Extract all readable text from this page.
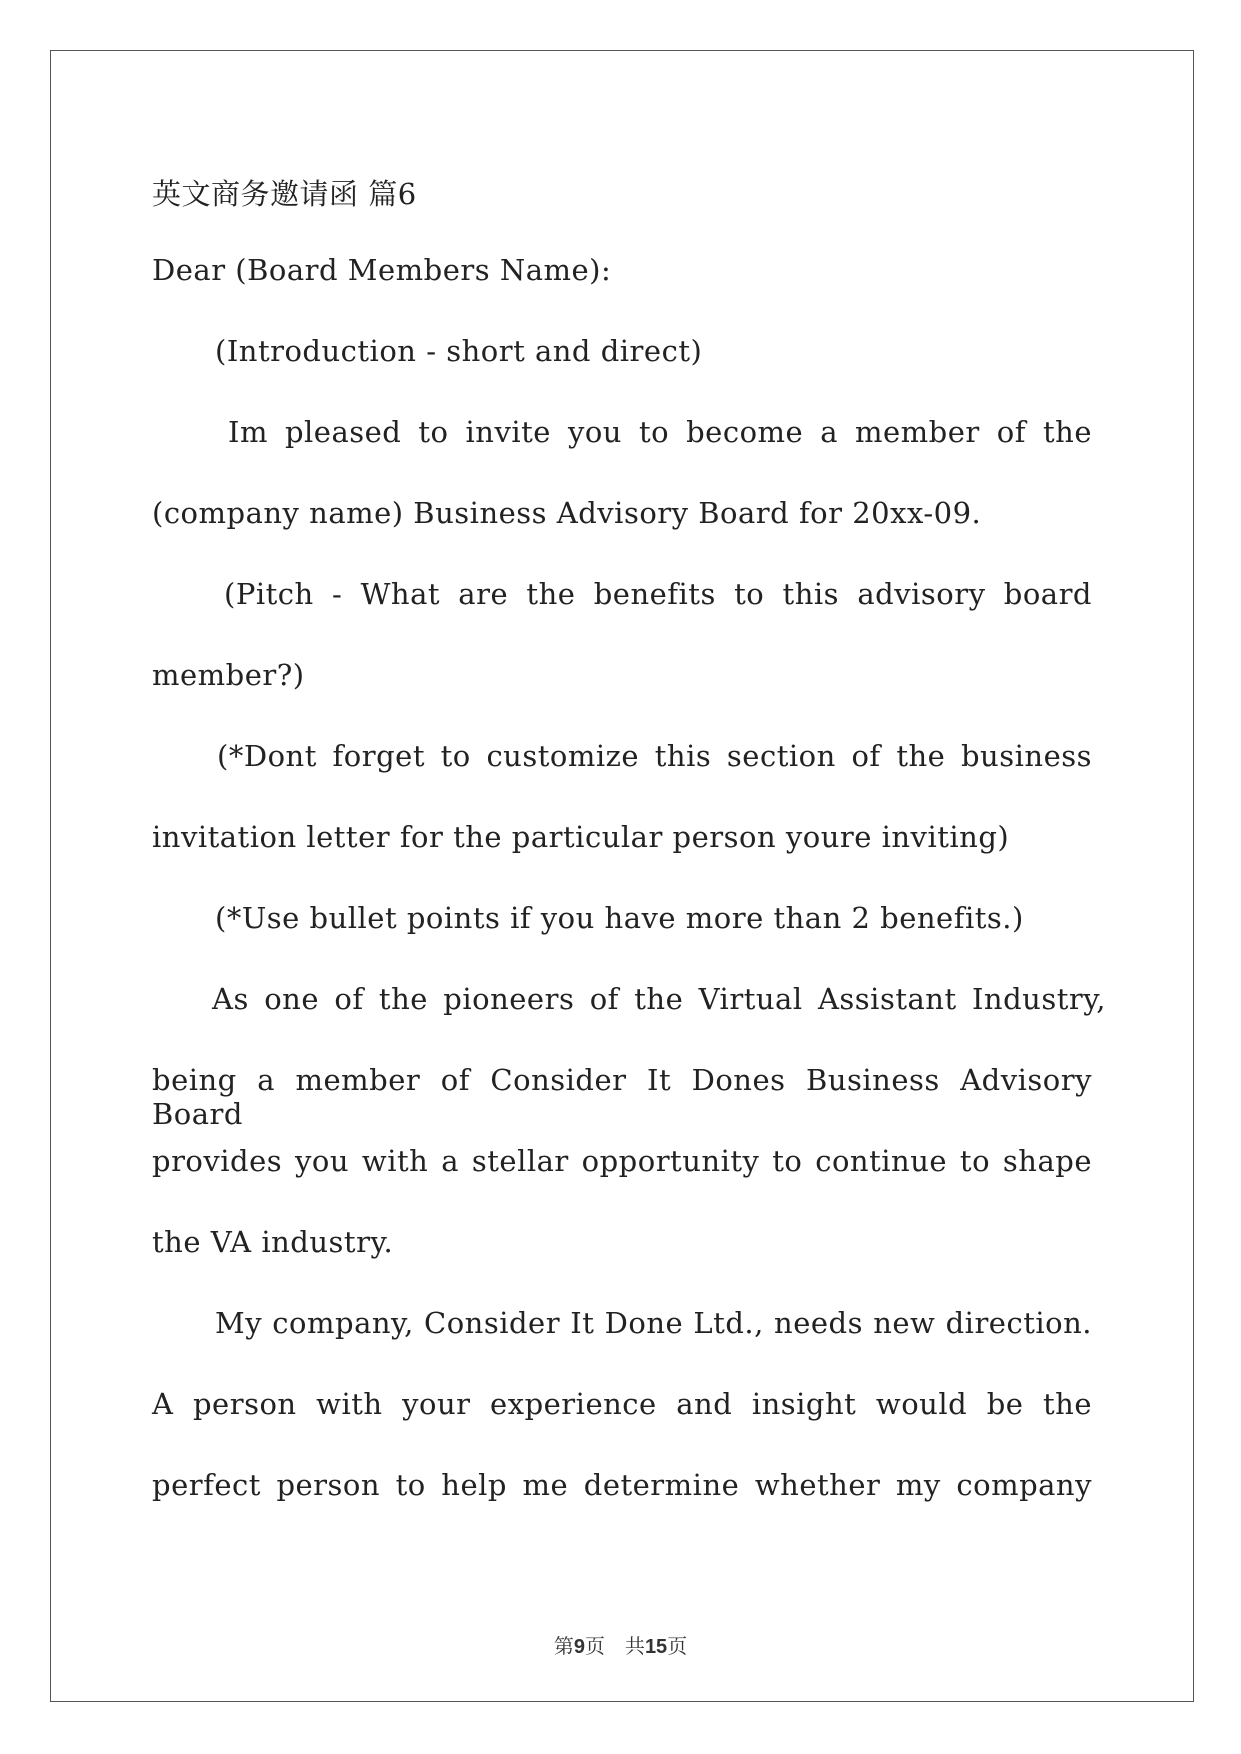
英文商务邀请函 篇6
Dear (Board Members Name):
(Introduction - short and direct)
Im pleased to invite you to become a member of the
(company name) Business Advisory Board for 20xx-09.
(Pitch - What are the benefits to this advisory board
member?)
(*Dont forget to customize this section of the business
invitation letter for the particular person youre inviting)
(*Use bullet points if you have more than 2 benefits.)
As one of the pioneers of the Virtual Assistant Industry,
being a member of Consider It Dones Business Advisory Board
provides you with a stellar opportunity to continue to shape
the VA industry.
My company, Consider It Done Ltd., needs new direction.
A person with your experience and insight would be the
perfect person to help me determine whether my company
第9页　共15页
